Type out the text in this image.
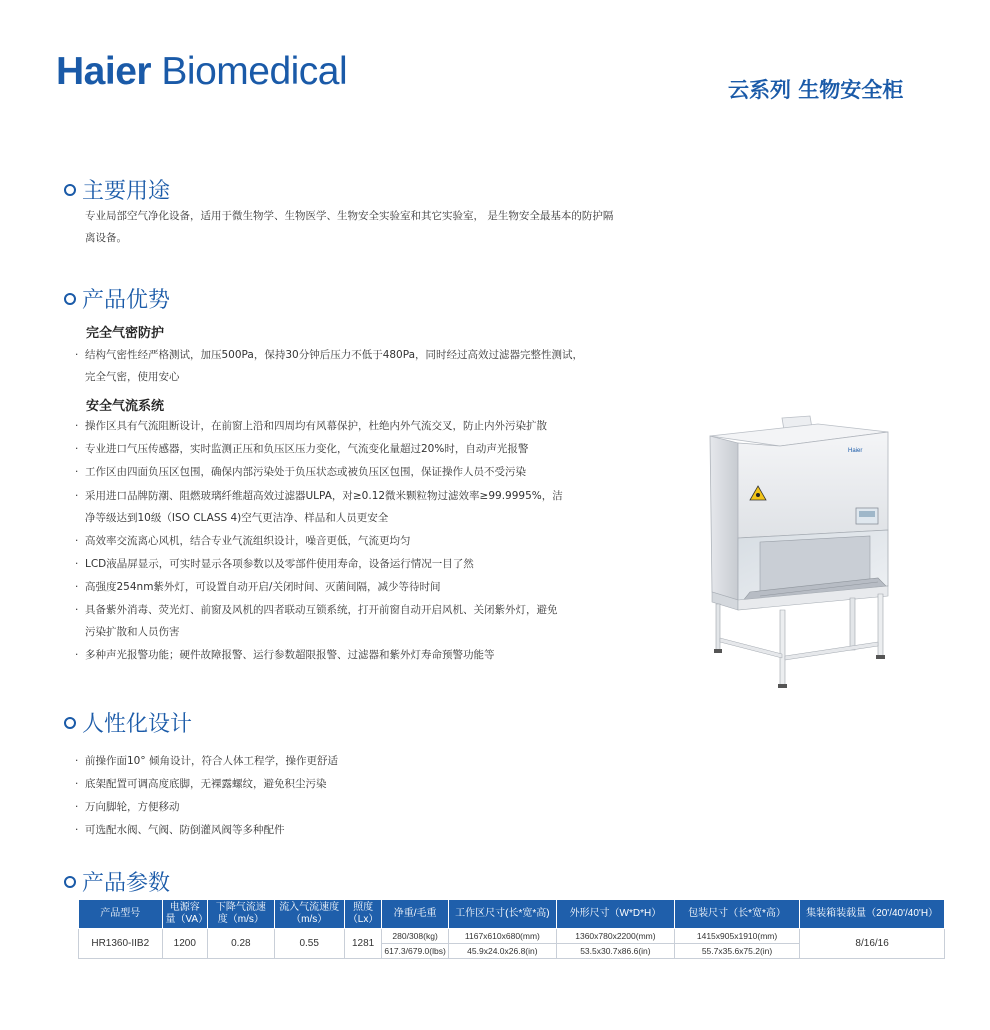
Haier Biomedical	云系列 生物安全柜
主要用途
专业局部空气净化设备，适用于微生物学、生物医学、生物安全实验室和其它实验室， 是生物安全最基本的防护隔
离设备。
产品优势
完全气密防护
· 结构气密性经严格测试，加压500Pa，保持30分钟后压力不低于480Pa，同时经过高效过滤器完整性测试，
完全气密，使用安心
安全气流系统
· 操作区具有气流阻断设计，在前窗上沿和四周均有风幕保护，杜绝内外气流交叉，防止内外污染扩散
· 专业进口气压传感器，实时监测正压和负压区压力变化，气流变化量超过20%时，自动声光报警
· 工作区由四面负压区包围，确保内部污染处于负压状态或被负压区包围，保证操作人员不受污染
· 采用进口品牌防潮、阻燃玻璃纤维超高效过滤器ULPA，对≥0.12微米颗粒物过滤效率≥99.9995%，洁
净等级达到10级（ISO CLASS 4)空气更洁净、样品和人员更安全
· 高效率交流离心风机，结合专业气流组织设计，噪音更低，气流更均匀
· LCD液晶屏显示，可实时显示各项参数以及零部件使用寿命，设备运行情况一目了然
· 高强度254nm紫外灯，可设置自动开启/关闭时间、灭菌间隔，减少等待时间
· 具备紫外消毒、荧光灯、前窗及风机的四者联动互锁系统，打开前窗自动开启风机、关闭紫外灯，避免
污染扩散和人员伤害
· 多种声光报警功能；硬件故障报警、运行参数超限报警、过滤器和紫外灯寿命预警功能等
Haier
人性化设计
· 前操作面10° 倾角设计，符合人体工程学，操作更舒适
· 底架配置可调高度底脚，无裸露螺纹，避免积尘污染
· 万向脚轮，方便移动
· 可选配水阀、气阀、防倒灌风阀等多种配件
产品参数
产品型号	电源容量（VA）	下降气流速度（m/s）	流入气流速度（m/s）	照度（Lx）	净重/毛重	工作区尺寸(长*宽*高)	外形尺寸（W*D*H）	包装尺寸（长*宽*高）	集装箱装载量（20'/40'/40'H）
HR1360-IIB2	1200	0.28	0.55	1281	280/308(kg)	1167x610x680(mm)	1360x780x2200(mm)	1415x905x1910(mm)	8/16/16
					617.3/679.0(lbs)	45.9x24.0x26.8(in)	53.5x30.7x86.6(in)	55.7x35.6x75.2(in)	
